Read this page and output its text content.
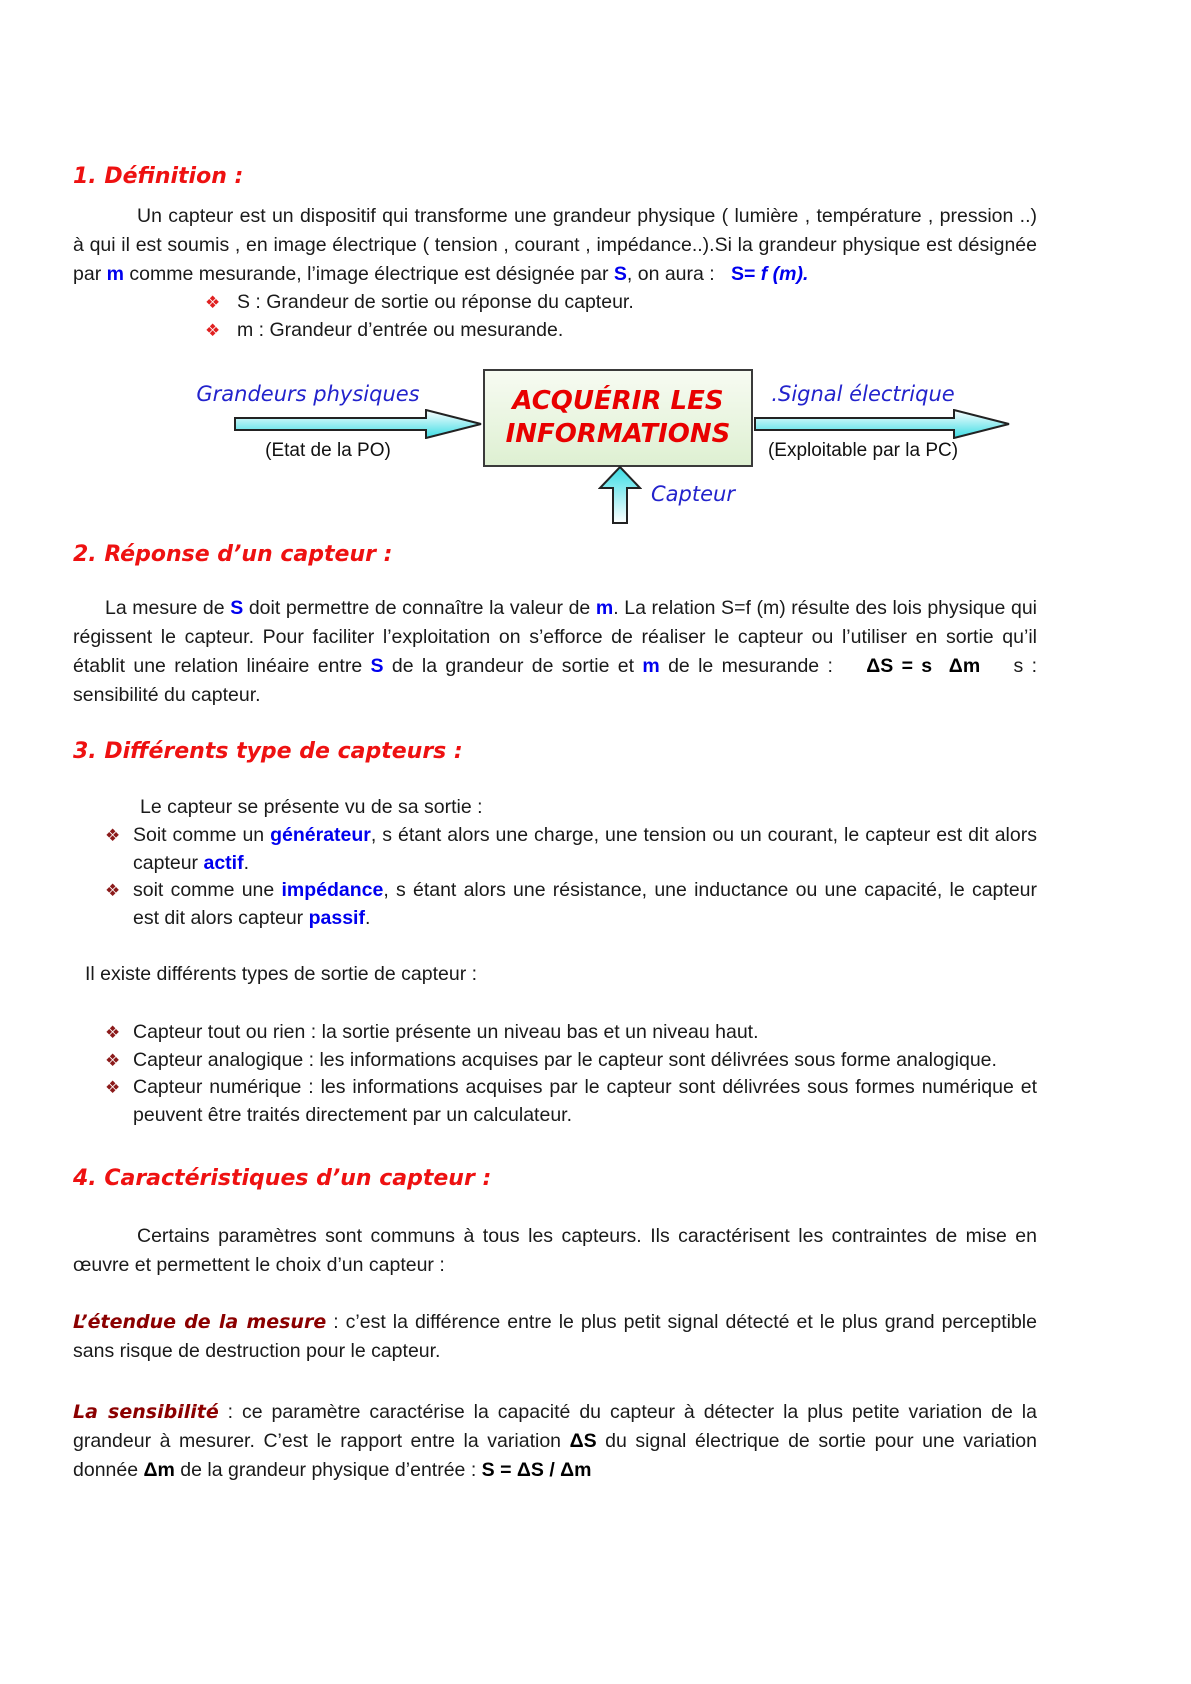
1. Définition :

Un capteur est un dispositif qui transforme une grandeur physique ( lumière , température , pression ..) à qui il est soumis , en image électrique ( tension , courant , impédance..).Si la grandeur physique est désignée par m comme mesurande, l’image électrique est désignée par S, on aura :   S= f (m).

❖ S : Grandeur de sortie ou réponse du capteur.
❖ m : Grandeur d’entrée ou mesurande.
Grandeurs physiques
(Etat de la PO)
ACQUÉRIR LES
INFORMATIONS
.Signal électrique
(Exploitable par la PC)
Capteur
2. Réponse d’un capteur :

La mesure de S doit permettre de connaître la valeur de m. La relation S=f (m) résulte des lois physique qui régissent le capteur. Pour faciliter l’exploitation on s’efforce de réaliser le capteur ou l’utiliser en sortie qu’il établit une relation linéaire entre S de la grandeur de sortie et m de le mesurande :    ΔS = s  Δm    s : sensibilité du capteur.

3. Différents type de capteurs :

Le capteur se présente vu de sa sortie :

❖ Soit comme un générateur, s étant alors une charge, une tension ou un courant, le capteur est dit alors capteur actif.
❖ soit comme une impédance, s étant alors une résistance, une inductance ou une capacité, le capteur est dit alors capteur passif.

Il existe différents types de sortie de capteur :

❖ Capteur tout ou rien : la sortie présente un niveau bas et un niveau haut.
❖ Capteur analogique : les informations acquises par le capteur sont délivrées sous forme analogique.
❖ Capteur numérique : les informations acquises par le capteur sont délivrées sous formes numérique et peuvent être traités directement par un calculateur.
4. Caractéristiques d’un capteur :

Certains paramètres sont communs à tous les capteurs. Ils caractérisent les contraintes de mise en œuvre et permettent le choix d’un capteur :

L’étendue de la mesure : c’est la différence entre le plus petit signal détecté et le plus grand perceptible sans risque de destruction pour le capteur.

La sensibilité : ce paramètre caractérise la capacité du capteur à détecter la plus petite variation de la grandeur à mesurer. C’est le rapport entre la variation ΔS du signal électrique de sortie pour une variation donnée Δm de la grandeur physique d’entrée : S = ΔS / Δm
